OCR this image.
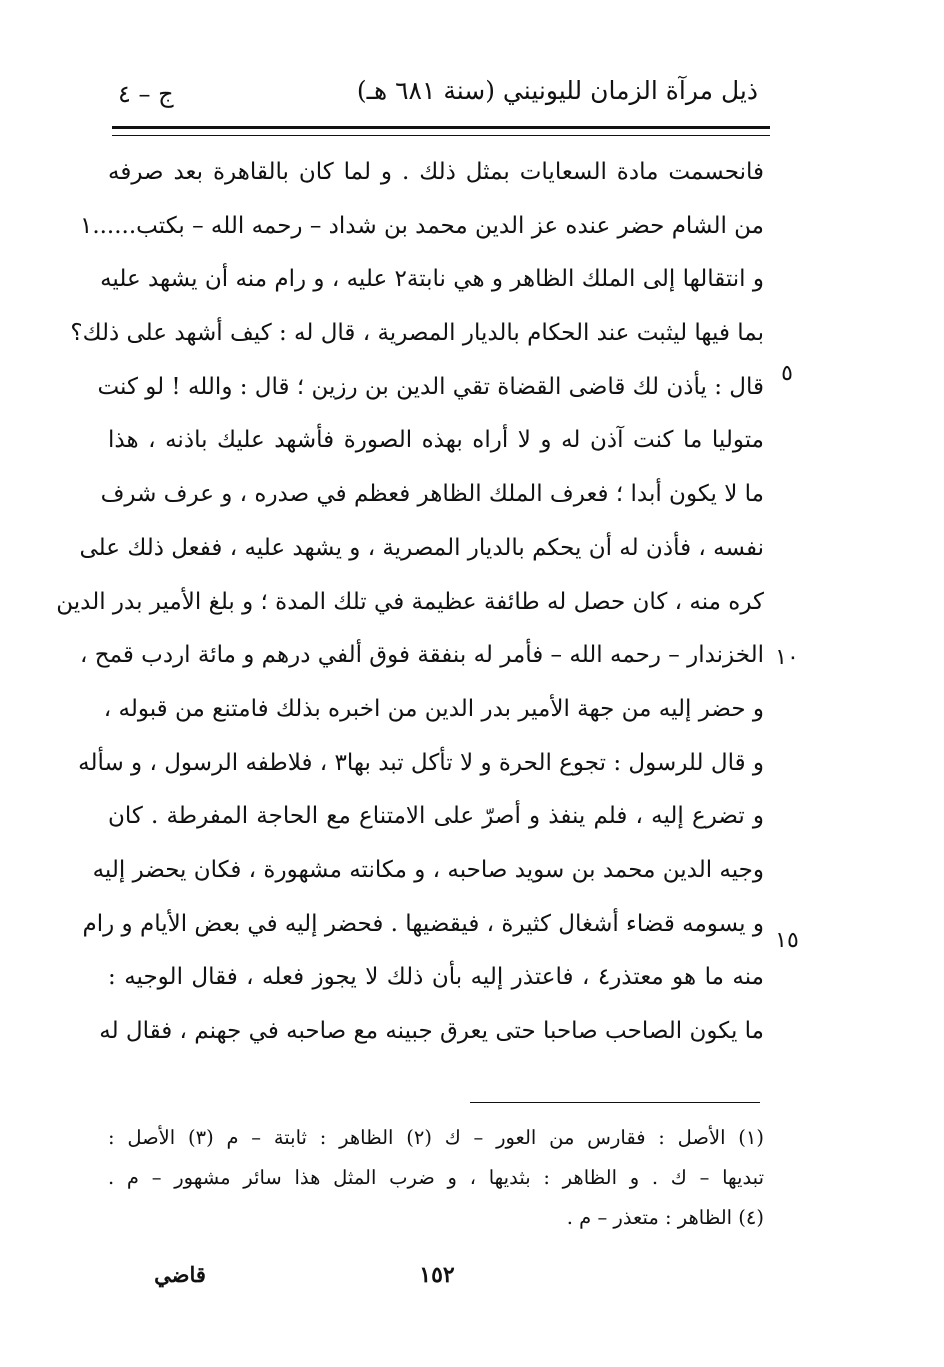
ذيل مرآة الزمان لليونيني (سنة ٦٨١ هـ)
ج – ٤
فانحسمت مادة السعايات بمثل ذلك . و لما كان بالقاهرة بعد صرفه
من الشام حضر عنده عز الدين محمد بن شداد – رحمه الله – بكتب......١
و انتقالها إلى الملك الظاهر و هي نابتة٢ عليه ، و رام منه أن يشهد عليه
بما فيها ليثبت عند الحكام بالديار المصرية ، قال له : كيف أشهد على ذلك؟
قال : يأذن لك قاضى القضاة تقي الدين بن رزين ؛ قال : والله ! لو كنت
متوليا ما كنت آذن له و لا أراه بهذه الصورة فأشهد عليك باذنه ، هذا
ما لا يكون أبدا ؛ فعرف الملك الظاهر فعظم في صدره ، و عرف شرف
نفسه ، فأذن له أن يحكم بالديار المصرية ، و يشهد عليه ، ففعل ذلك على
كره منه ، كان حصل له طائفة عظيمة في تلك المدة ؛ و بلغ الأمير بدر الدين
الخزندار – رحمه الله – فأمر له بنفقة فوق ألفي درهم و مائة اردب قمح ،
و حضر إليه من جهة الأمير بدر الدين من اخبره بذلك فامتنع من قبوله ،
و قال للرسول : تجوع الحرة و لا تأكل تبد بها٣ ، فلاطفه الرسول ، و سأله
و تضرع إليه ، فلم ينفذ و أصرّ على الامتناع مع الحاجة المفرطة . كان
وجيه الدين محمد بن سويد صاحبه ، و مكانته مشهورة ، فكان يحضر إليه
و يسومه قضاء أشغال كثيرة ، فيقضيها . فحضر إليه في بعض الأيام و رام
منه ما هو معتذر٤ ، فاعتذر إليه بأن ذلك لا يجوز فعله ، فقال الوجيه :
ما يكون الصاحب صاحبا حتى يعرق جبينه مع صاحبه في جهنم ، فقال له
٥
١٠
١٥
(١) الأصل : فقارس من العور – ك (٢) الظاهر : ثابتة – م (٣) الأصل :
تبديها – ك . و الظاهر : بثديها ، و ضرب المثل هذا سائر مشهور – م .
(٤) الظاهر : متعذر – م .
١٥٢
قاضي
